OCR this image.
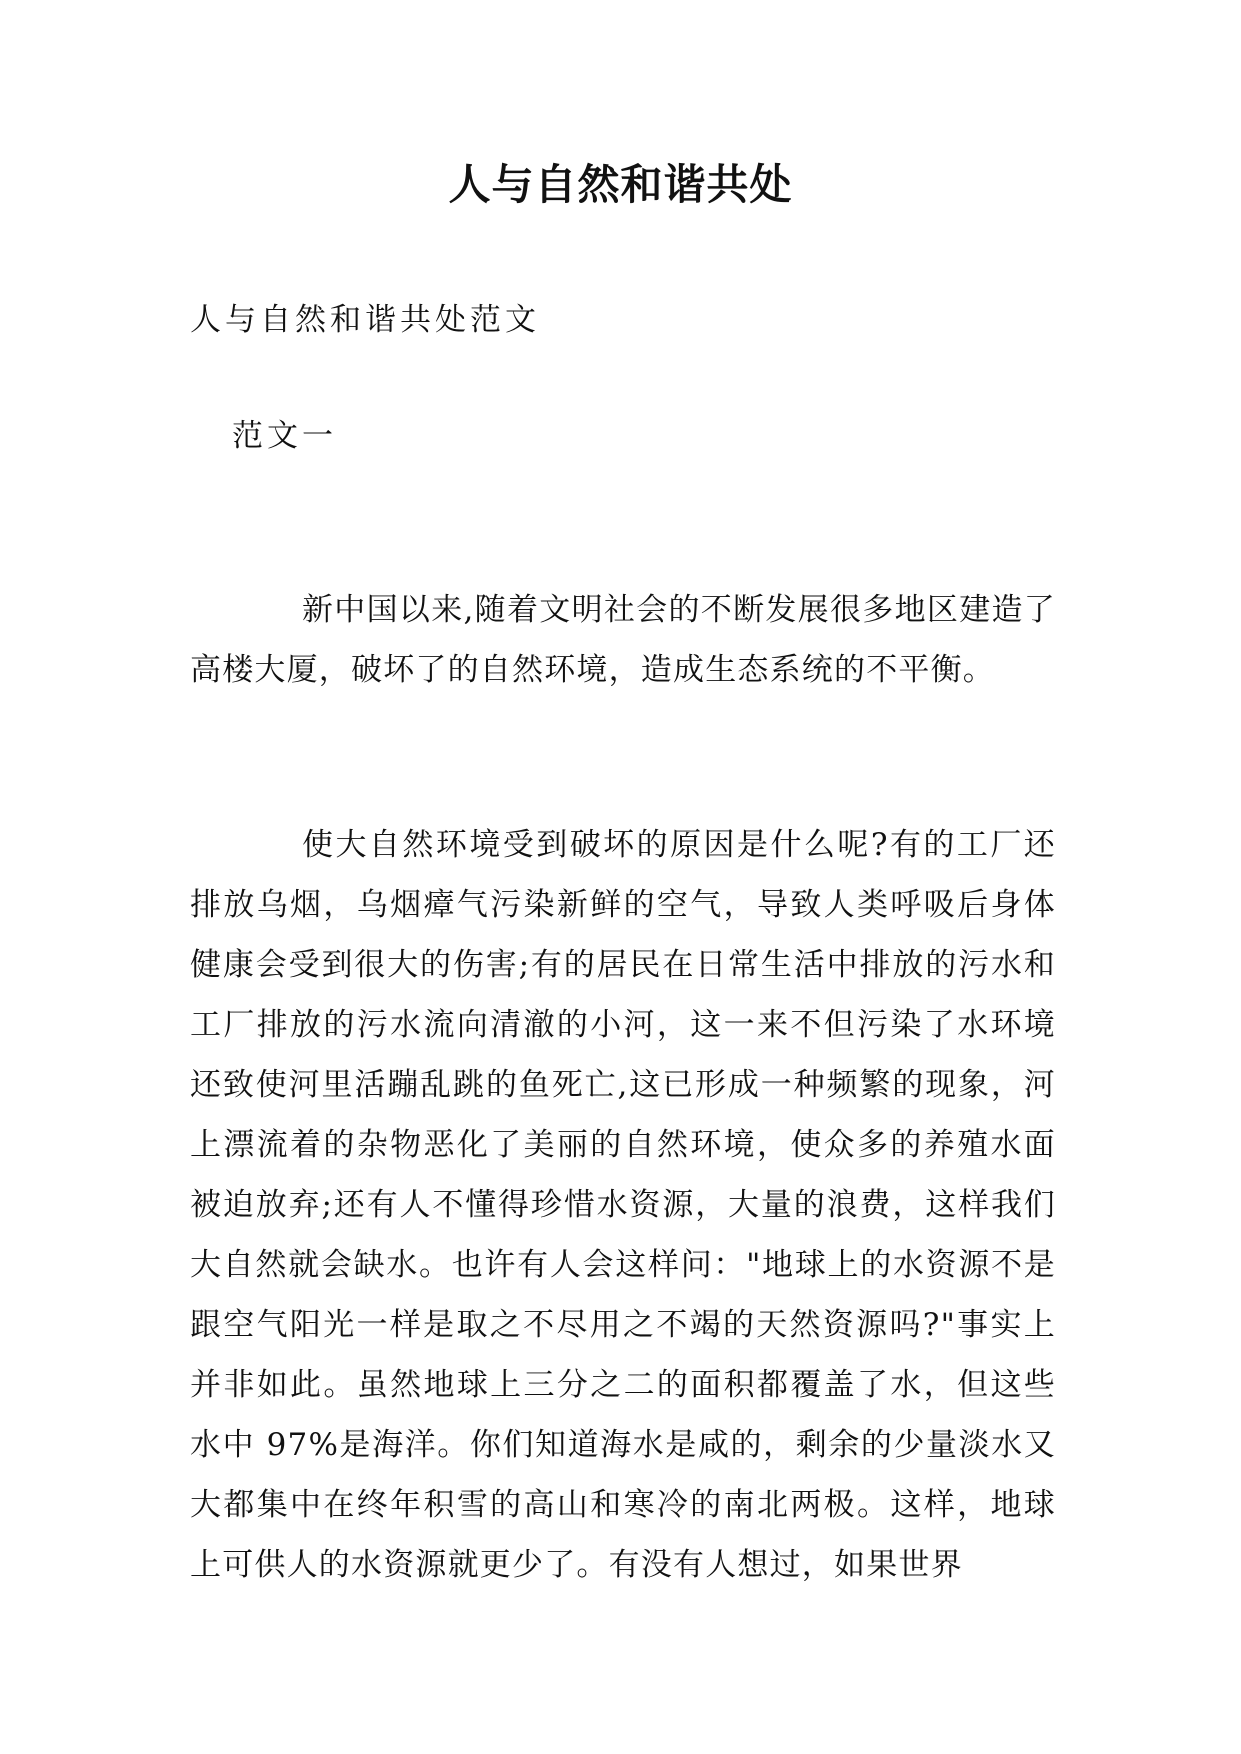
人与自然和谐共处
人与自然和谐共处范文
范文一

新中国以来,随着文明社会的不断发展很多地区建造了高楼大厦，破坏了的自然环境，造成生态系统的不平衡。

使大自然环境受到破坏的原因是什么呢?有的工厂还排放乌烟，乌烟瘴气污染新鲜的空气，导致人类呼吸后身体健康会受到很大的伤害;有的居民在日常生活中排放的污水和工厂排放的污水流向清澈的小河，这一来不但污染了水环境还致使河里活蹦乱跳的鱼死亡,这已形成一种频繁的现象，河上漂流着的杂物恶化了美丽的自然环境，使众多的养殖水面被迫放弃;还有人不懂得珍惜水资源，大量的浪费，这样我们大自然就会缺水。也许有人会这样问："地球上的水资源不是跟空气阳光一样是取之不尽用之不竭的天然资源吗?"事实上并非如此。虽然地球上三分之二的面积都覆盖了水，但这些水中 97%是海洋。你们知道海水是咸的，剩余的少量淡水又大都集中在终年积雪的高山和寒冷的南北两极。这样，地球上可供人的水资源就更少了。有没有人想过，如果世界
